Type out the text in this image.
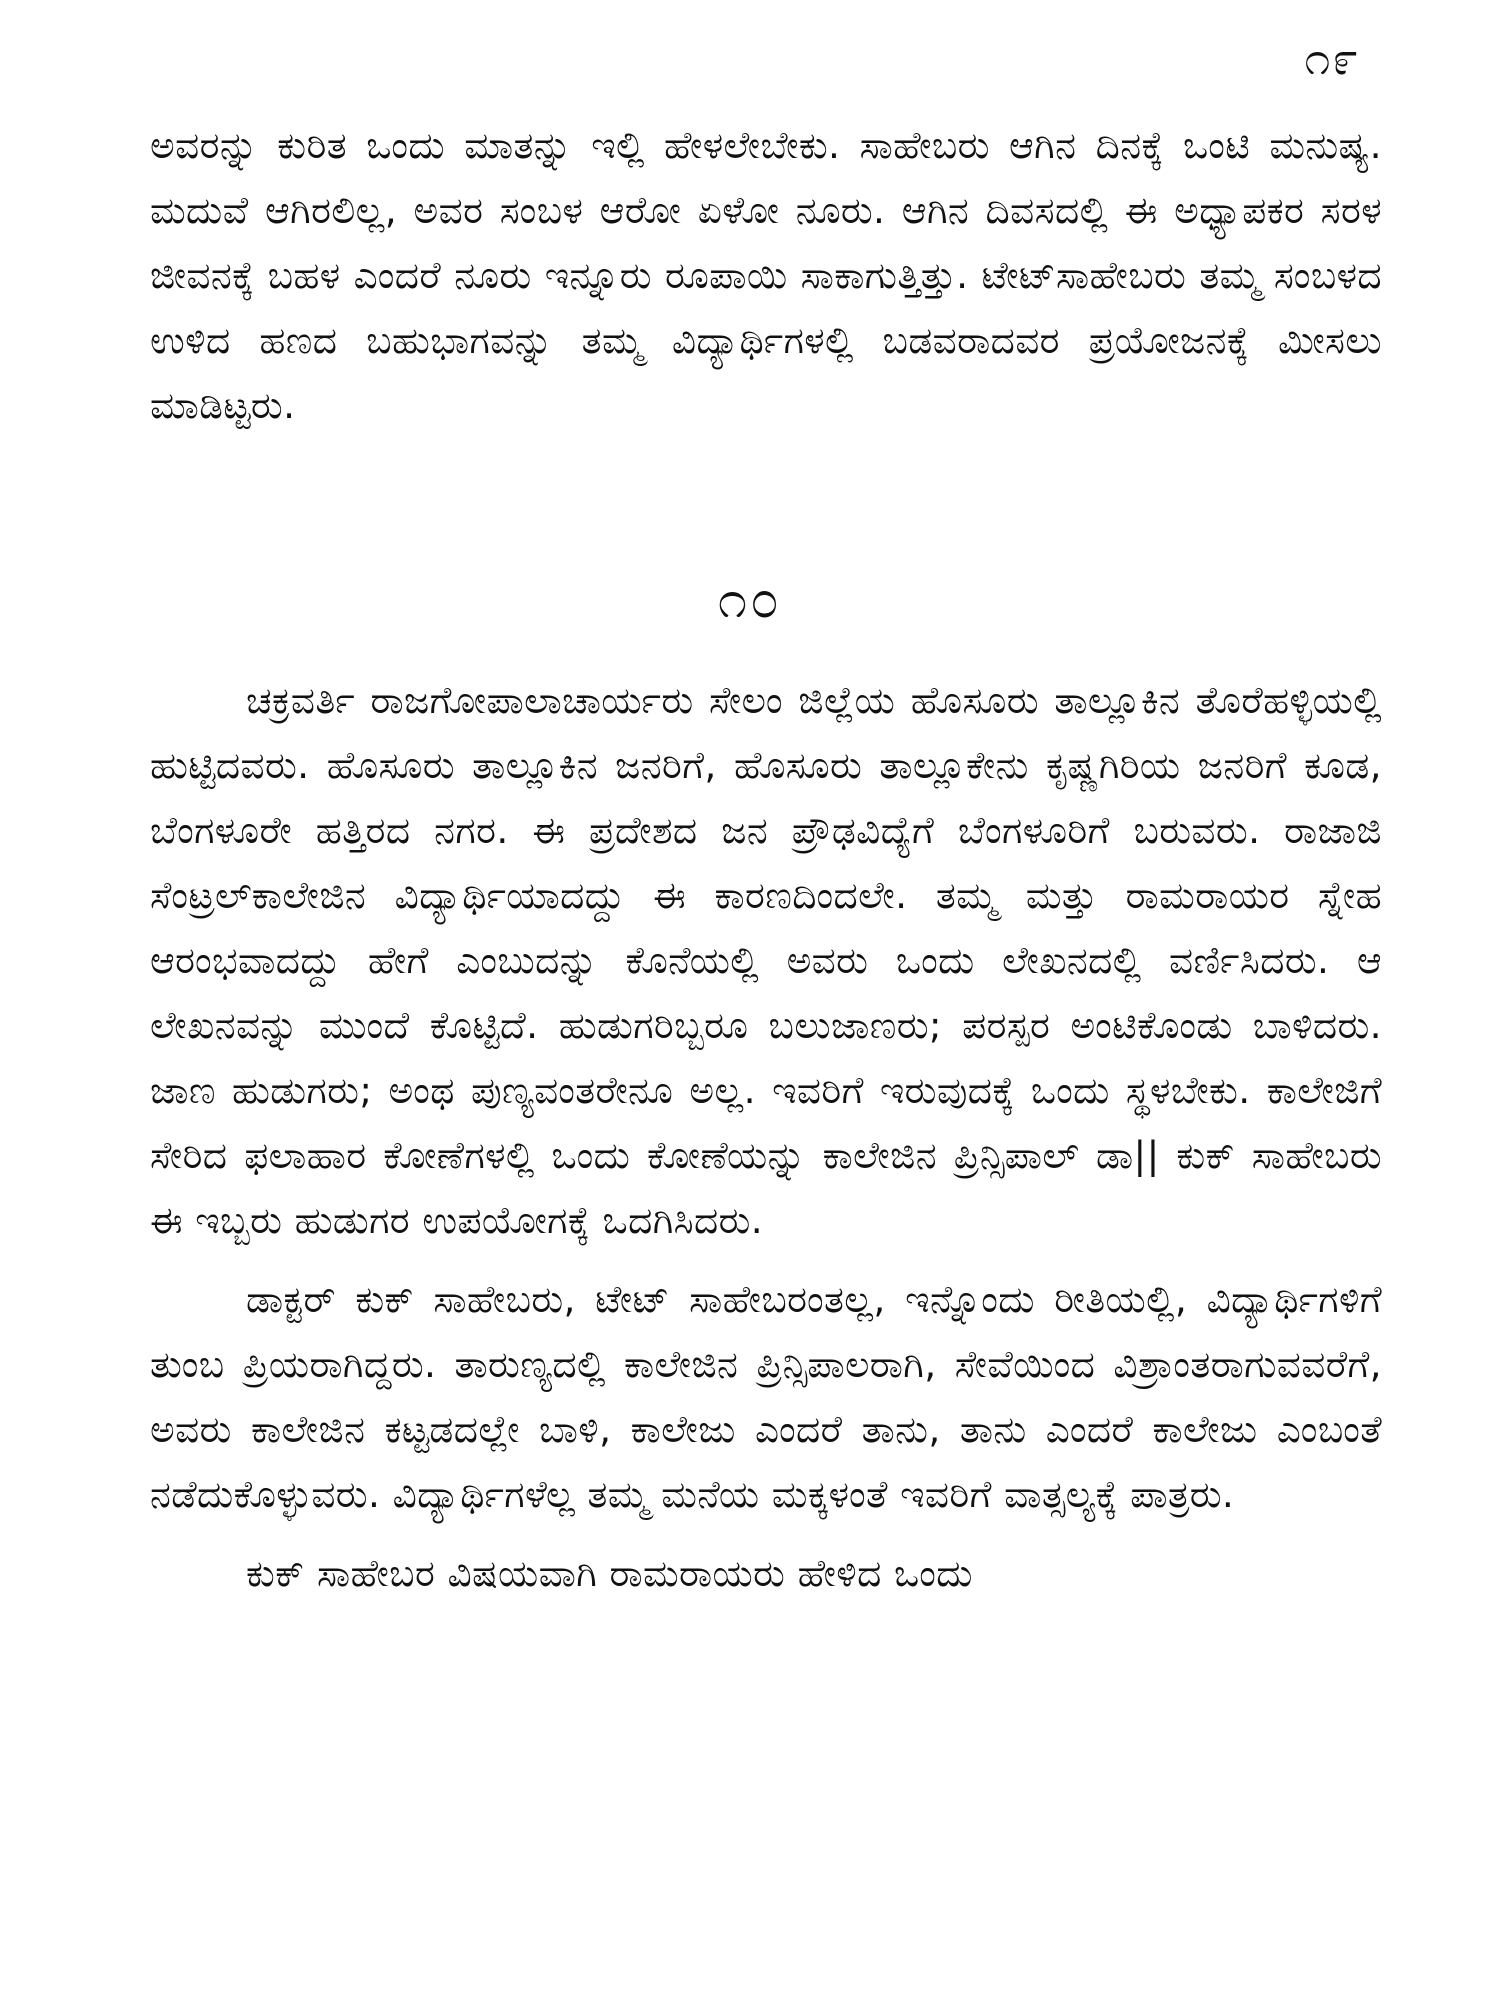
೧೯

ಅವರನ್ನು ಕುರಿತ ಒಂದು ಮಾತನ್ನು ಇಲ್ಲಿ ಹೇಳಲೇಬೇಕು. ಸಾಹೇಬರು ಆಗಿನ ದಿನಕ್ಕೆ ಒಂಟಿ ಮನುಷ್ಯ. ಮದುವೆ ಆಗಿರಲಿಲ್ಲ, ಅವರ ಸಂಬಳ ಆರೋ ಏಳೋ ನೂರು. ಆಗಿನ ದಿವಸದಲ್ಲಿ ಈ ಅಧ್ಯಾಪಕರ ಸರಳ ಜೀವನಕ್ಕೆ ಬಹಳ ಎಂದರೆ ನೂರು ಇನ್ನೂರು ರೂಪಾಯಿ ಸಾಕಾಗುತ್ತಿತ್ತು. ಟೇಟ್‌ಸಾಹೇಬರು ತಮ್ಮ ಸಂಬಳದ ಉಳಿದ ಹಣದ ಬಹುಭಾಗವನ್ನು ತಮ್ಮ ವಿದ್ಯಾರ್ಥಿಗಳಲ್ಲಿ ಬಡವರಾದವರ ಪ್ರಯೋಜನಕ್ಕೆ ಮೀಸಲು ಮಾಡಿಟ್ಟರು.

೧೦

ಚಕ್ರವರ್ತಿ ರಾಜಗೋಪಾಲಾಚಾರ್ಯರು ಸೇಲಂ ಜಿಲ್ಲೆಯ ಹೊಸೂರು ತಾಲ್ಲೂಕಿನ ತೊರೆಹಳ್ಳಿಯಲ್ಲಿ ಹುಟ್ಟಿದವರು. ಹೊಸೂರು ತಾಲ್ಲೂಕಿನ ಜನರಿಗೆ, ಹೊಸೂರು ತಾಲ್ಲೂಕೇನು ಕೃಷ್ಣಗಿರಿಯ ಜನರಿಗೆ ಕೂಡ, ಬೆಂಗಳೂರೇ ಹತ್ತಿರದ ನಗರ. ಈ ಪ್ರದೇಶದ ಜನ ಪ್ರೌಢವಿದ್ಯೆಗೆ ಬೆಂಗಳೂರಿಗೆ ಬರುವರು. ರಾಜಾಜಿ ಸೆಂಟ್ರಲ್‌ಕಾಲೇಜಿನ ವಿದ್ಯಾರ್ಥಿಯಾದದ್ದು ಈ ಕಾರಣದಿಂದಲೇ. ತಮ್ಮ ಮತ್ತು ರಾಮರಾಯರ ಸ್ನೇಹ ಆರಂಭವಾದದ್ದು ಹೇಗೆ ಎಂಬುದನ್ನು ಕೊನೆಯಲ್ಲಿ ಅವರು ಒಂದು ಲೇಖನದಲ್ಲಿ ವರ್ಣಿಸಿದರು. ಆ ಲೇಖನವನ್ನು ಮುಂದೆ ಕೊಟ್ಟಿದೆ. ಹುಡುಗರಿಬ್ಬರೂ ಬಲುಜಾಣರು; ಪರಸ್ಪರ ಅಂಟಿಕೊಂಡು ಬಾಳಿದರು. ಜಾಣ ಹುಡುಗರು; ಅಂಥ ಪುಣ್ಯವಂತರೇನೂ ಅಲ್ಲ. ಇವರಿಗೆ ಇರುವುದಕ್ಕೆ ಒಂದು ಸ್ಥಳಬೇಕು. ಕಾಲೇಜಿಗೆ ಸೇರಿದ ಫಲಾಹಾರ ಕೋಣೆಗಳಲ್ಲಿ ಒಂದು ಕೋಣೆಯನ್ನು ಕಾಲೇಜಿನ ಪ್ರಿನ್ಸಿಪಾಲ್ ಡಾ|| ಕುಕ್ ಸಾಹೇಬರು ಈ ಇಬ್ಬರು ಹುಡುಗರ ಉಪಯೋಗಕ್ಕೆ ಒದಗಿಸಿದರು.

ಡಾಕ್ಟರ್ ಕುಕ್ ಸಾಹೇಬರು, ಟೇಟ್ ಸಾಹೇಬರಂತಲ್ಲ, ಇನ್ನೊಂದು ರೀತಿಯಲ್ಲಿ, ವಿದ್ಯಾರ್ಥಿಗಳಿಗೆ ತುಂಬ ಪ್ರಿಯರಾಗಿದ್ದರು. ತಾರುಣ್ಯದಲ್ಲಿ ಕಾಲೇಜಿನ ಪ್ರಿನ್ಸಿಪಾಲರಾಗಿ, ಸೇವೆಯಿಂದ ವಿಶ್ರಾಂತರಾಗುವವರೆಗೆ, ಅವರು ಕಾಲೇಜಿನ ಕಟ್ಟಡದಲ್ಲೇ ಬಾಳಿ, ಕಾಲೇಜು ಎಂದರೆ ತಾನು, ತಾನು ಎಂದರೆ ಕಾಲೇಜು ಎಂಬಂತೆ ನಡೆದುಕೊಳ್ಳುವರು. ವಿದ್ಯಾರ್ಥಿಗಳೆಲ್ಲ ತಮ್ಮ ಮನೆಯ ಮಕ್ಕಳಂತೆ ಇವರಿಗೆ ವಾತ್ಸಲ್ಯಕ್ಕೆ ಪಾತ್ರರು.

ಕುಕ್ ಸಾಹೇಬರ ವಿಷಯವಾಗಿ ರಾಮರಾಯರು ಹೇಳಿದ ಒಂದು
